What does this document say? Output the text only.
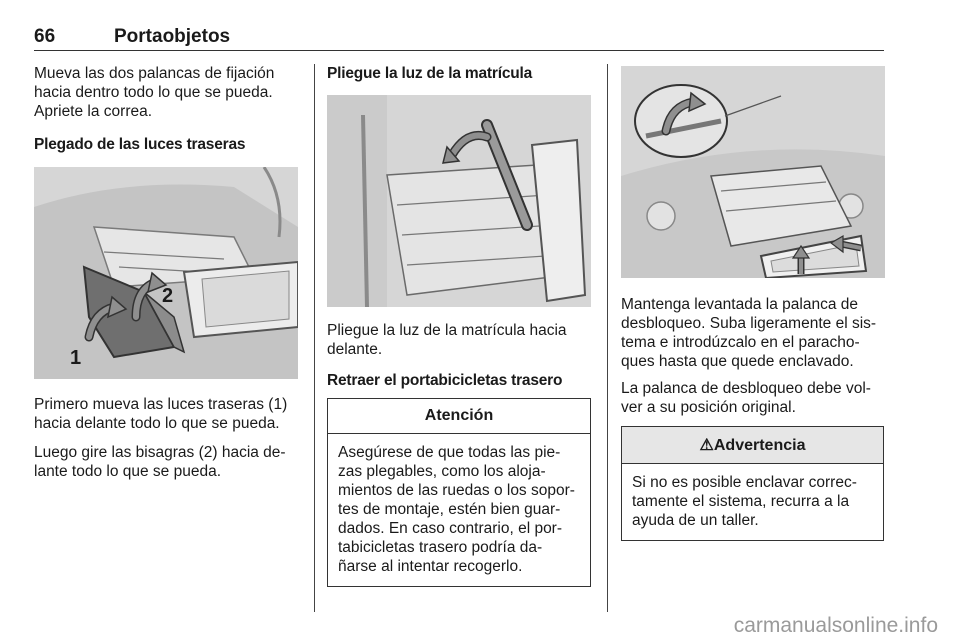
66	Portaobjetos

Mueva las dos palancas de fijación hacia dentro todo lo que se pueda. Apriete la correa.

Plegado de las luces traseras

1
2

Primero mueva las luces traseras (1) hacia delante todo lo que se pueda.

Luego gire las bisagras (2) hacia de-lante todo lo que se pueda.

Pliegue la luz de la matrícula

Pliegue la luz de la matrícula hacia delante.

Retraer el portabicicletas trasero

Atención
Asegúrese de que todas las pie-zas plegables, como los aloja-mientos de las ruedas o los sopor-tes de montaje, estén bien guar-dados. En caso contrario, el por-tabicicletas trasero podría da-ñarse al intentar recogerlo.

Mantenga levantada la palanca de desbloqueo. Suba ligeramente el sis-tema e introdúzcalo en el paracho-ques hasta que quede enclavado.

La palanca de desbloqueo debe vol-ver a su posición original.

⚠Advertencia
Si no es posible enclavar correc-tamente el sistema, recurra a la ayuda de un taller.
carmanualsonline.info
